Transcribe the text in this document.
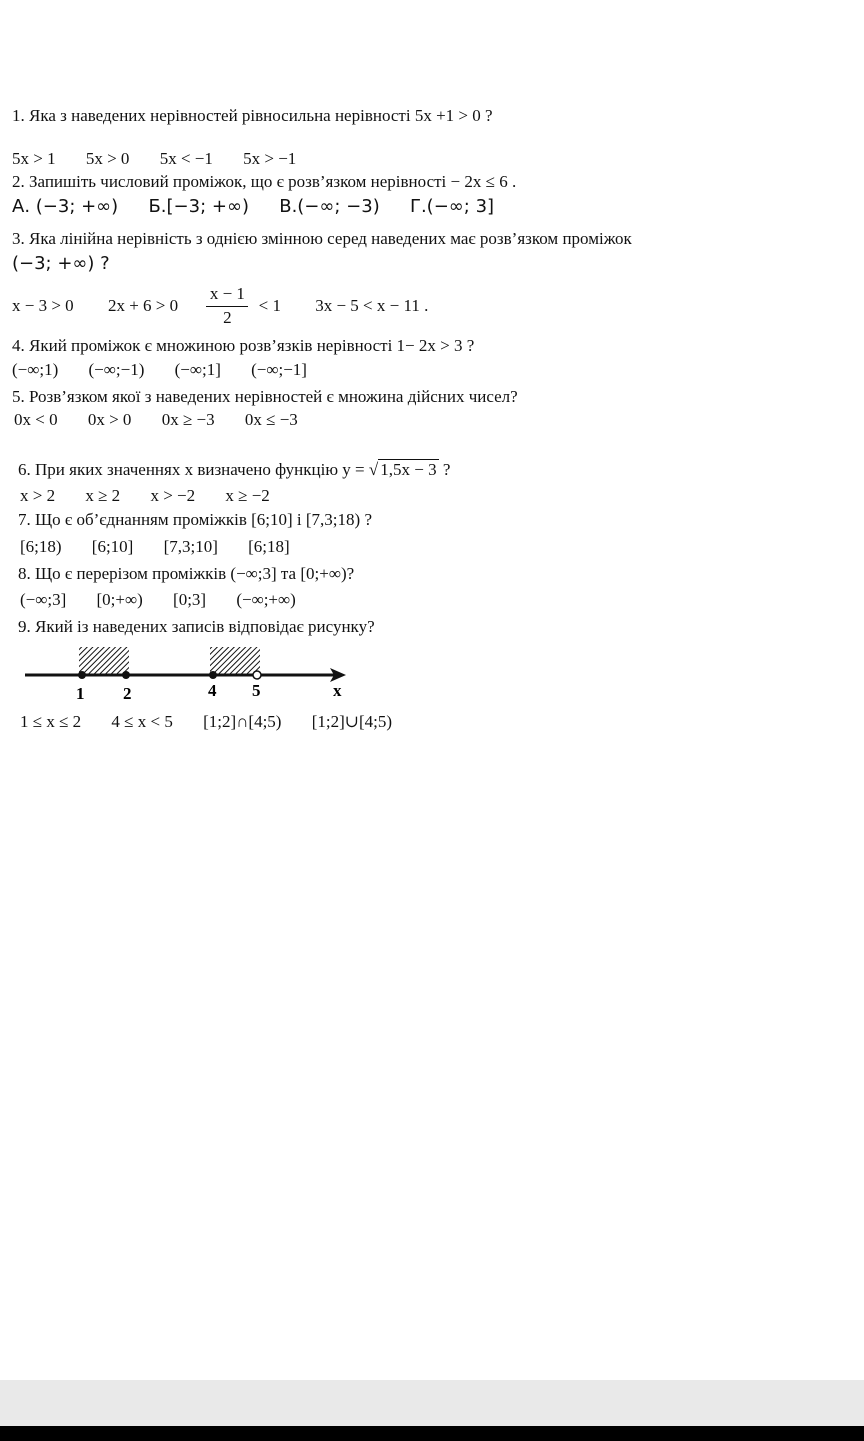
1. Яка з наведених нерівностей рівносильна нерівності 5x +1 > 0 ?
5x > 1 5x > 0 5x < −1 5x > −1
2. Запишіть числовий проміжок, що є розв’язком нерівності − 2x ≤ 6 .
А. (−3; +∞) Б.[−3; +∞) В.(−∞; −3) Г.(−∞; 3]
3. Яка лінійна нерівність з однією змінною серед наведених має розв’язком проміжок
(−3; +∞) ?
x − 3 > 0 $2x + 6 > 0 \frac{x - 1}{2} < 1$ 3x − 5 < x − 11 .
4. Який проміжок є множиною розв’язків нерівності 1− 2x > 3 ?
(−∞;1) (−∞;−1) (−∞;1] (−∞;−1]
5. Розв’язком якої з наведених нерівностей є множина дійсних чисел?
0x < 0 0x > 0 0x ≥ −3 0x ≤ −3
6. При яких значеннях x визначено функцію y = √ 1,5x − 3 ?
x > 2 x ≥ 2 x > −2 x ≥ −2
7. Що є об’єднанням проміжків [6;10] і [7,3;18) ?
[6;18) [6;10] [7,3;10] [6;18]
8. Що є перерізом проміжків (−∞;3] та [0;+∞)?
(−∞;3] [0;+∞) [0;3] (−∞;+∞)
9. Який із наведених записів відповідає рисунку?
1 2	4 5	x
1 ≤ x ≤ 2 4 ≤ x < 5 [1;2]∩[4;5) [1;2]∪[4;5)
